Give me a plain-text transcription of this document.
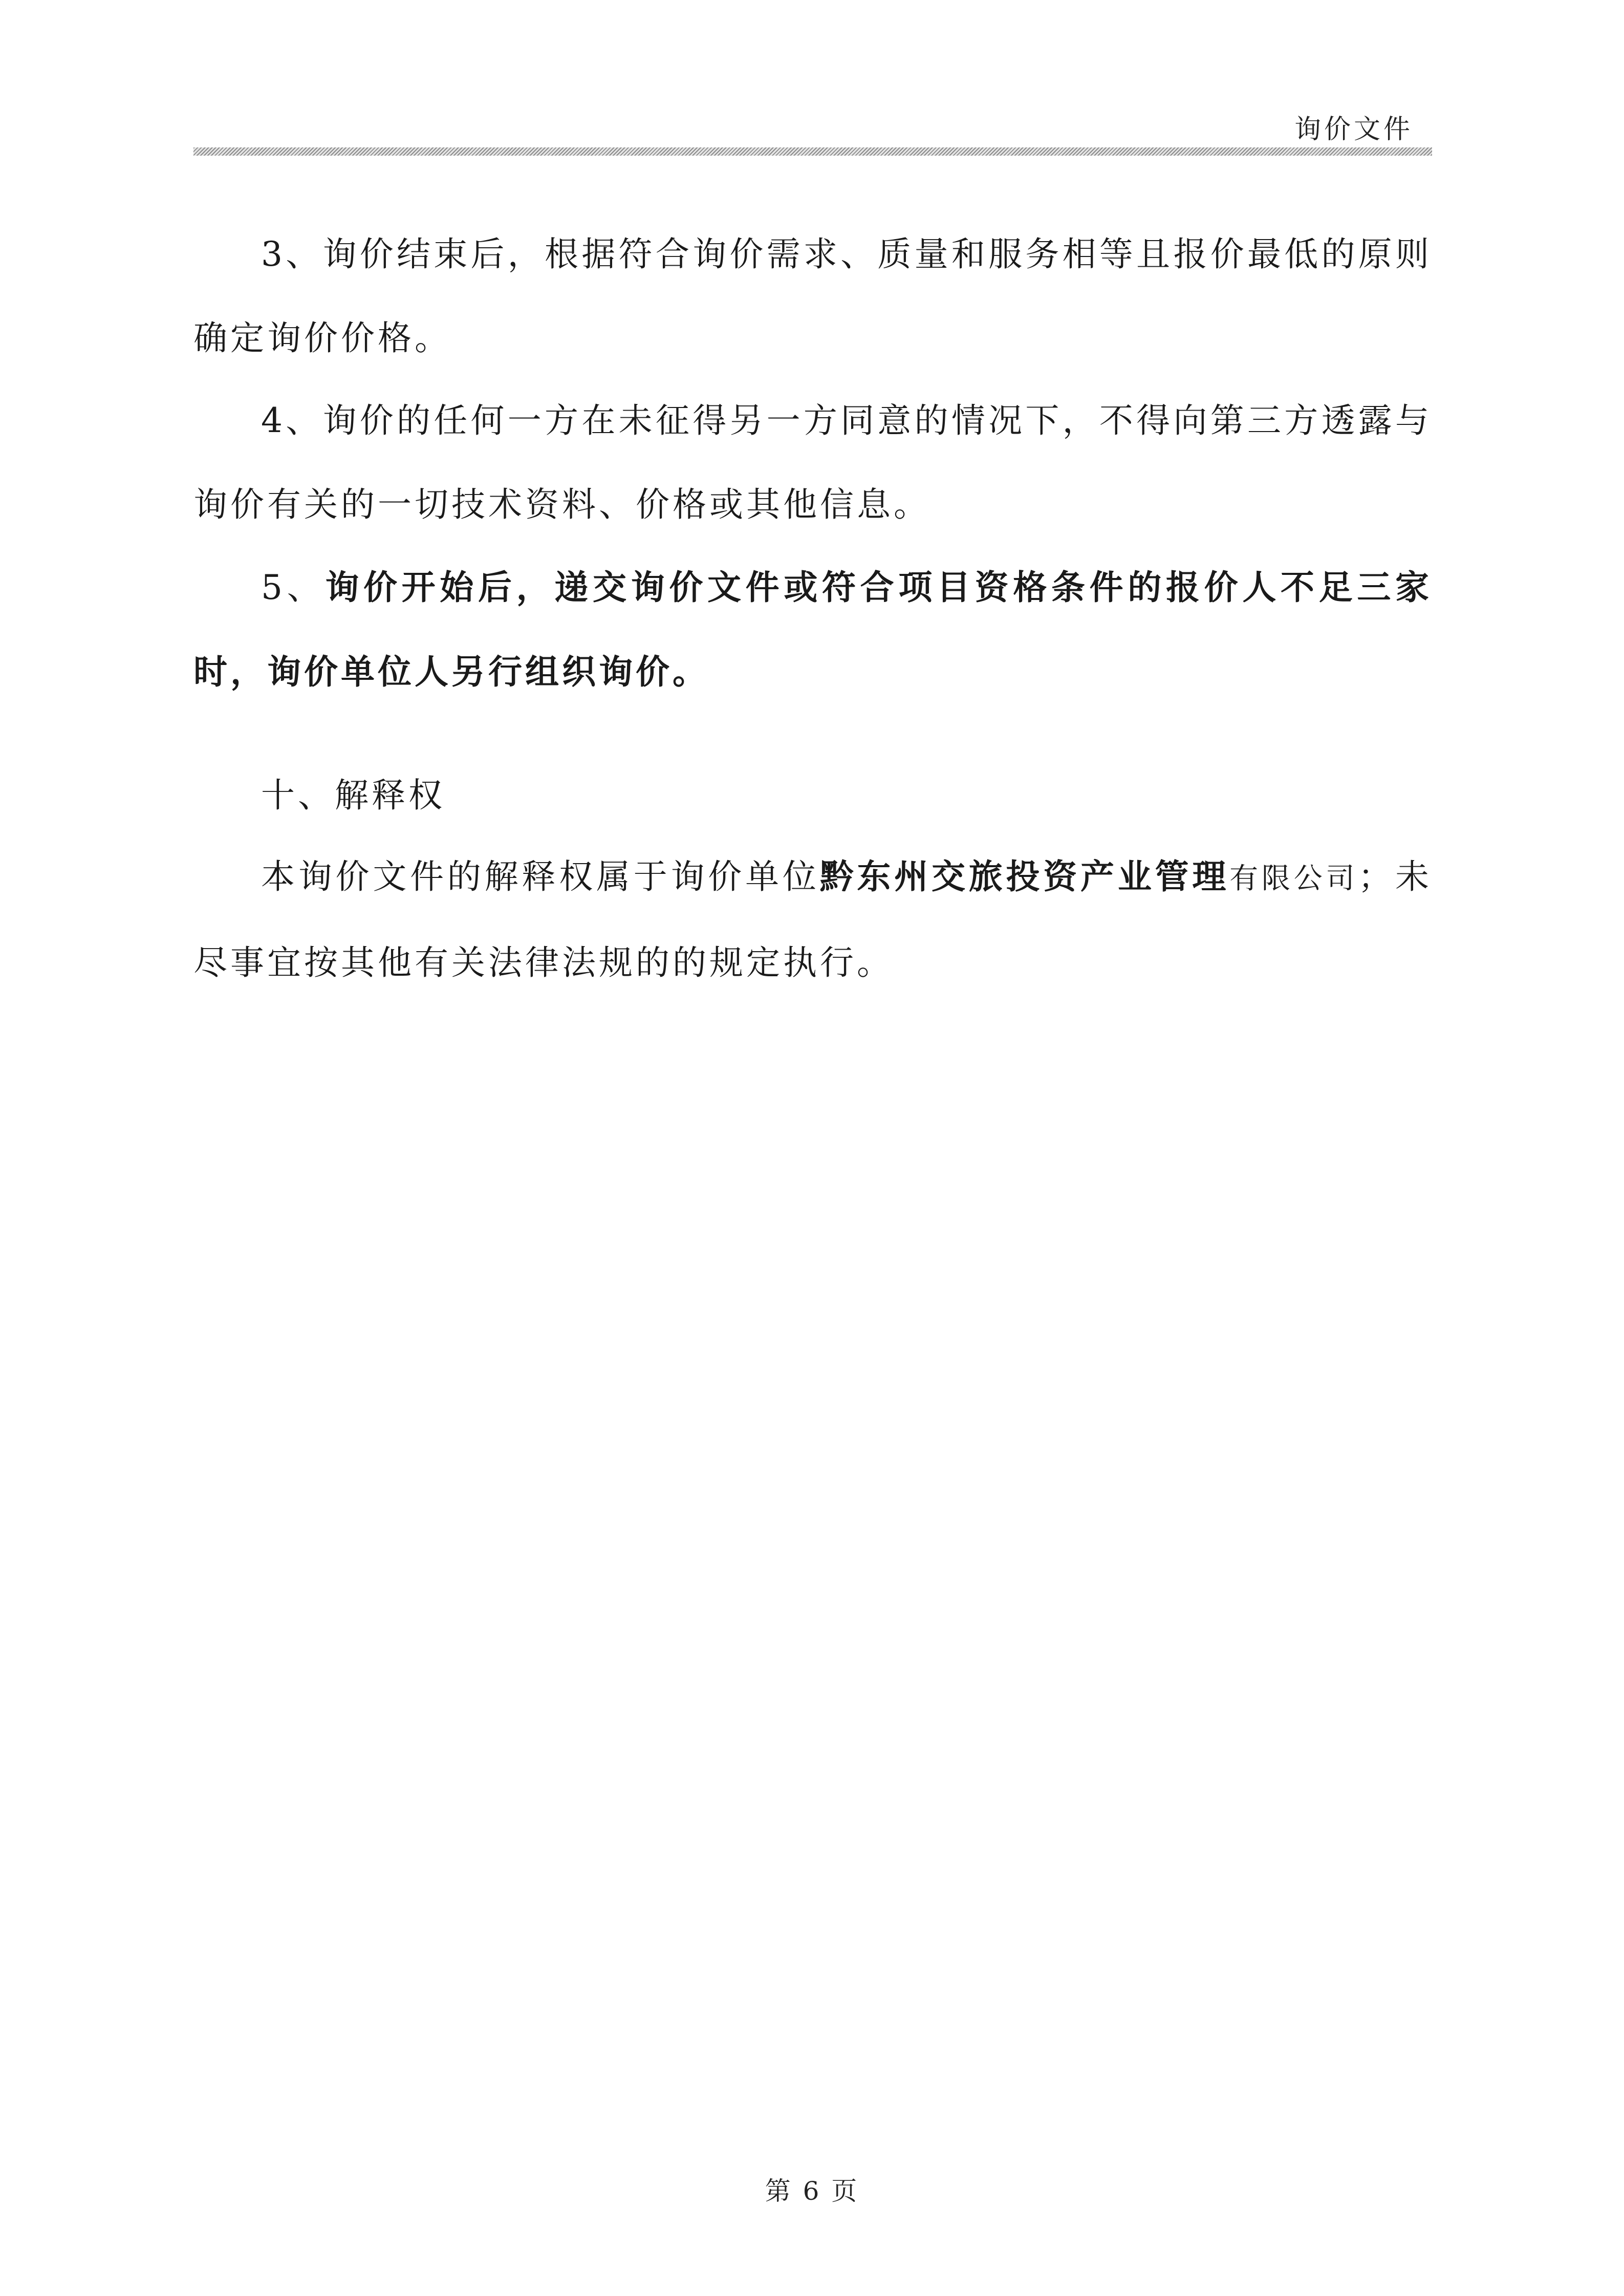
询价文件

3、询价结束后，根据符合询价需求、质量和服务相等且报价最低的原则确定询价价格。

4、询价的任何一方在未征得另一方同意的情况下，不得向第三方透露与询价有关的一切技术资料、价格或其他信息。

5、询价开始后，递交询价文件或符合项目资格条件的报价人不足三家时，询价单位人另行组织询价。

十、解释权

本询价文件的解释权属于询价单位黔东州交旅投资产业管理有限公司；未尽事宜按其他有关法律法规的的规定执行。

第 6 页
